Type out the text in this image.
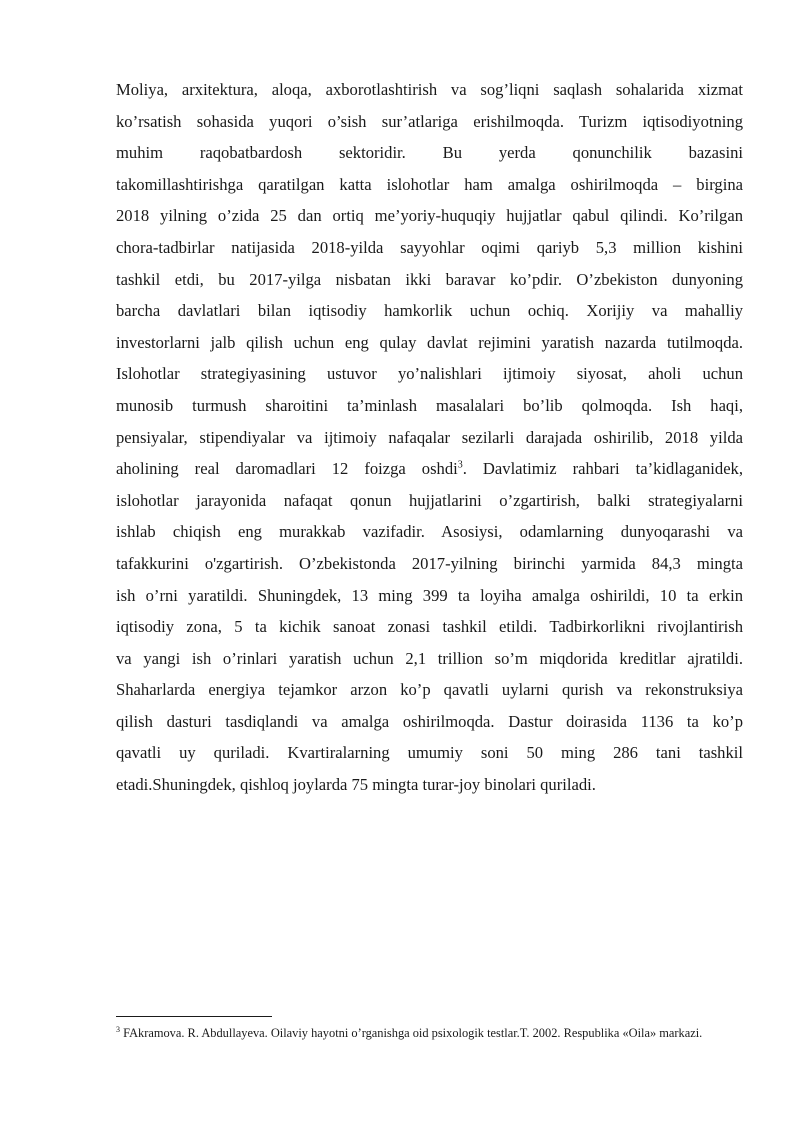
Moliya, arxitektura, aloqa, axborotlashtirish va sog’liqni saqlash sohalarida xizmat
ko’rsatish sohasida yuqori o’sish sur’atlariga erishilmoqda. Turizm iqtisodiyotning
muhim raqobatbardosh sektoridir. Bu yerda qonunchilik bazasini
takomillashtirishga qaratilgan katta islohotlar ham amalga oshirilmoqda – birgina
2018 yilning o’zida 25 dan ortiq me’yoriy-huquqiy hujjatlar qabul qilindi. Ko’rilgan
chora-tadbirlar natijasida 2018-yilda sayyohlar oqimi qariyb 5,3 million kishini
tashkil etdi, bu 2017-yilga nisbatan ikki baravar ko’pdir. O’zbekiston dunyoning
barcha davlatlari bilan iqtisodiy hamkorlik uchun ochiq. Xorijiy va mahalliy
investorlarni jalb qilish uchun eng qulay davlat rejimini yaratish nazarda tutilmoqda.
Islohotlar strategiyasining ustuvor yo’nalishlari ijtimoiy siyosat, aholi uchun
munosib turmush sharoitini ta’minlash masalalari bo’lib qolmoqda. Ish haqi,
pensiyalar, stipendiyalar va ijtimoiy nafaqalar sezilarli darajada oshirilib, 2018 yilda
aholining real daromadlari 12 foizga oshdi$^3$. Davlatimiz rahbari ta’kidlaganidek,
islohotlar jarayonida nafaqat qonun hujjatlarini o’zgartirish, balki strategiyalarni
ishlab chiqish eng murakkab vazifadir. Asosiysi, odamlarning dunyoqarashi va
tafakkurini o'zgartirish. O’zbekistonda 2017-yilning birinchi yarmida 84,3 mingta
ish o’rni yaratildi. Shuningdek, 13 ming 399 ta loyiha amalga oshirildi, 10 ta erkin
iqtisodiy zona, 5 ta kichik sanoat zonasi tashkil etildi. Tadbirkorlikni rivojlantirish
va yangi ish o’rinlari yaratish uchun 2,1 trillion so’m miqdorida kreditlar ajratildi.
Shaharlarda energiya tejamkor arzon ko’p qavatli uylarni qurish va rekonstruksiya
qilish dasturi tasdiqlandi va amalga oshirilmoqda. Dastur doirasida 1136 ta ko’p
qavatli uy quriladi. Kvartiralarning umumiy soni 50 ming 286 tani tashkil
etadi.Shuningdek, qishloq joylarda 75 mingta turar-joy binolari quriladi.
$^3$ FAkramova. R. Abdullayeva. Oilaviy hayotni o’rganishga oid psixologik testlar.T. 2002. Respublika «Oila» markazi.
